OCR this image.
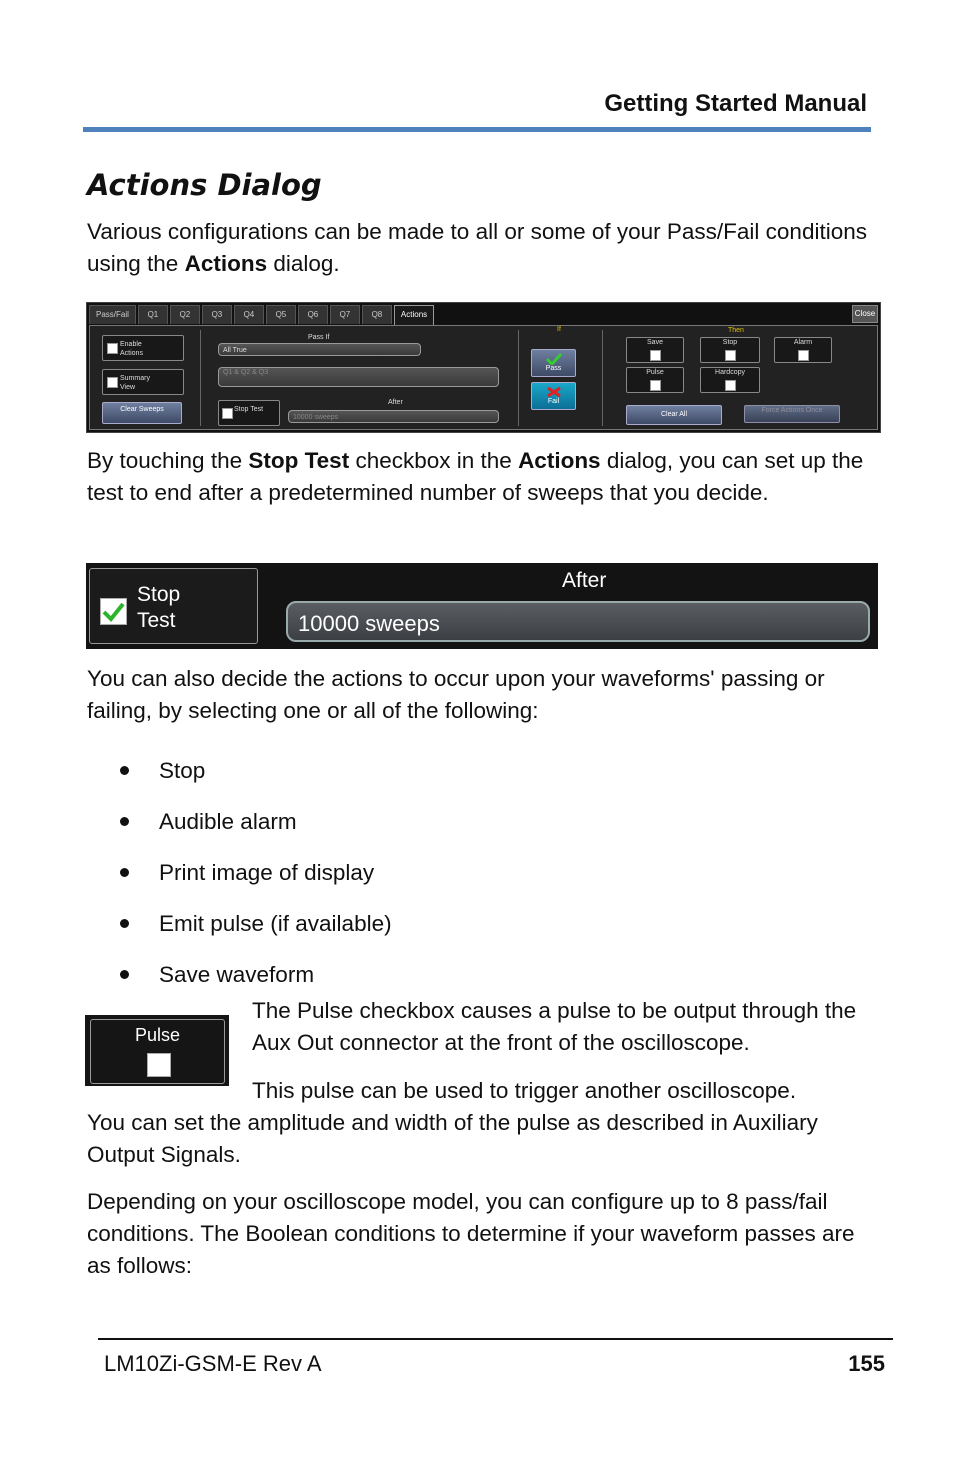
Getting Started Manual
Actions Dialog
Various configurations can be made to all or some of your Pass/Fail conditions using the Actions dialog.
Pass/Fail	Q1	Q2	Q3	Q4	Q5	Q6	Q7	Q8	Actions	Close
Enable Actions
Summary View
Clear Sweeps
Pass If
All True
Q1 & Q2 & Q3
Stop Test
After
10000 sweeps
If
Pass
Fail
Then
Save	Stop	Alarm
Pulse	Hardcopy
Clear All
Force Actions Once
By touching the Stop Test checkbox in the Actions dialog, you can set up the test to end after a predetermined number of sweeps that you decide.
Stop
Test
After
10000 sweeps
You can also decide the actions to occur upon your waveforms' passing or failing, by selecting one or all of the following:
Stop
Audible alarm
Print image of display
Emit pulse (if available)
Save waveform
Pulse
The Pulse checkbox causes a pulse to be output through the Aux Out connector at the front of the oscilloscope.
This pulse can be used to trigger another oscilloscope.
You can set the amplitude and width of the pulse as described in Auxiliary Output Signals.
Depending on your oscilloscope model, you can configure up to 8 pass/fail conditions. The Boolean conditions to determine if your waveform passes are as follows:
LM10Zi-GSM-E Rev A	155
